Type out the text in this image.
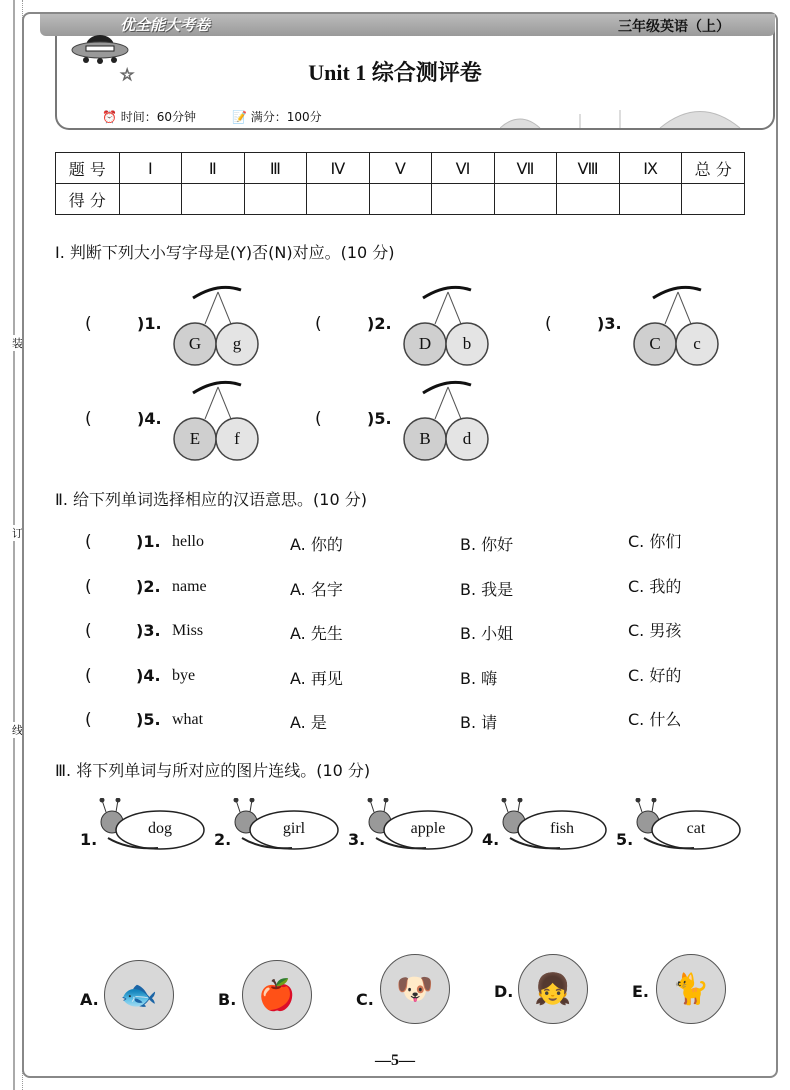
装
订
线
优全能大考卷	三年级英语（上）
☆	Unit 1 综合测评卷
⏰ 时间：60分钟	📝 满分：100分
题 号	Ⅰ	Ⅱ	Ⅲ	Ⅳ	Ⅴ	Ⅵ	Ⅶ	Ⅷ	Ⅸ	总 分
得 分										
Ⅰ. 判断下列大小写字母是(Y)否(N)对应。(10 分)
(	)1.
G	g
(	)2.
D	b
(	)3.
C	c
(	)4.
E	f
(	)5.
B	d
Ⅱ. 给下列单词选择相应的汉语意思。(10 分)
(	)1. hello	A. 你的	B. 你好	C. 你们
(	)2. name	A. 名字	B. 我是	C. 我的
(	)3. Miss	A. 先生	B. 小姐	C. 男孩
(	)4. bye	A. 再见	B. 嗨	C. 好的
(	)5. what	A. 是	B. 请	C. 什么
Ⅲ. 将下列单词与所对应的图片连线。(10 分)
1.
dog
2.
girl
3.
apple
4.
fish
5.
cat
A. 🐟	B. 🍎	C. 🐶	D. 👧	E. 🐈
—5—
